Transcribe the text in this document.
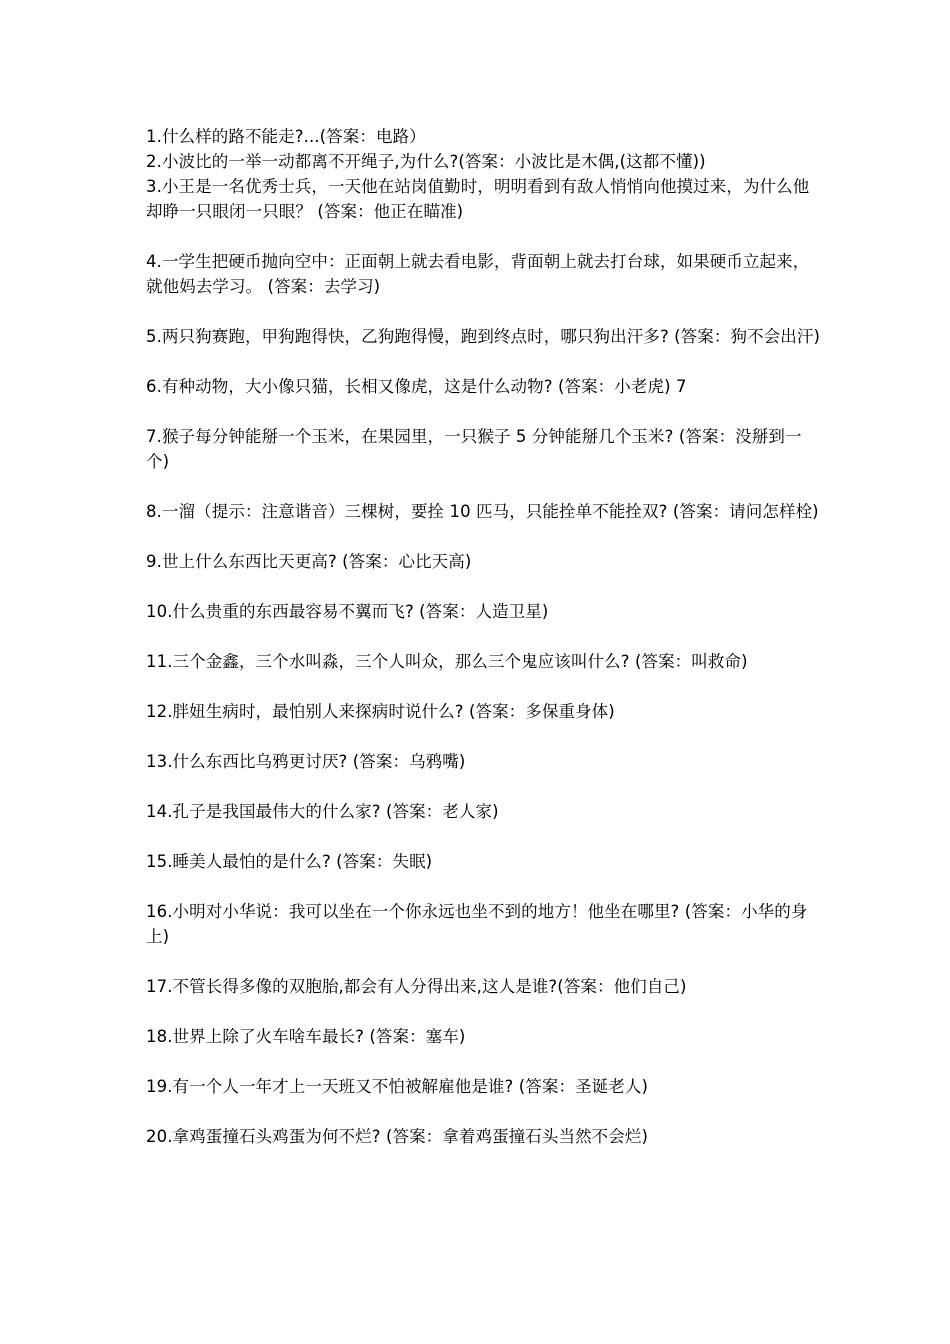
1.什么样的路不能走?...(答案：电路）

2.小波比的一举一动都离不开绳子,为什么?(答案：小波比是木偶,(这都不懂))

3.小王是一名优秀士兵，一天他在站岗值勤时，明明看到有敌人悄悄向他摸过来，为什么他却睁一只眼闭一只眼？ (答案：他正在瞄准)

4.一学生把硬币抛向空中：正面朝上就去看电影，背面朝上就去打台球，如果硬币立起来，就他妈去学习。 (答案：去学习)

5.两只狗赛跑，甲狗跑得快，乙狗跑得慢，跑到终点时，哪只狗出汗多? (答案：狗不会出汗)

6.有种动物，大小像只猫，长相又像虎，这是什么动物? (答案：小老虎) 7

7.猴子每分钟能掰一个玉米，在果园里，一只猴子 5 分钟能掰几个玉米? (答案：没掰到一个)

8.一溜（提示：注意谐音）三棵树，要拴 10 匹马，只能拴单不能拴双? (答案：请问怎样栓)

9.世上什么东西比天更高? (答案：心比天高)

10.什么贵重的东西最容易不翼而飞? (答案：人造卫星)

11.三个金鑫，三个水叫淼，三个人叫众，那么三个鬼应该叫什么? (答案：叫救命)

12.胖妞生病时，最怕别人来探病时说什么? (答案：多保重身体)

13.什么东西比乌鸦更讨厌? (答案：乌鸦嘴)

14.孔子是我国最伟大的什么家? (答案：老人家)

15.睡美人最怕的是什么? (答案：失眠)

16.小明对小华说：我可以坐在一个你永远也坐不到的地方！他坐在哪里? (答案：小华的身上)

17.不管长得多像的双胞胎,都会有人分得出来,这人是谁?(答案：他们自己)

18.世界上除了火车啥车最长? (答案：塞车)

19.有一个人一年才上一天班又不怕被解雇他是谁? (答案：圣诞老人)

20.拿鸡蛋撞石头鸡蛋为何不烂? (答案：拿着鸡蛋撞石头当然不会烂)
